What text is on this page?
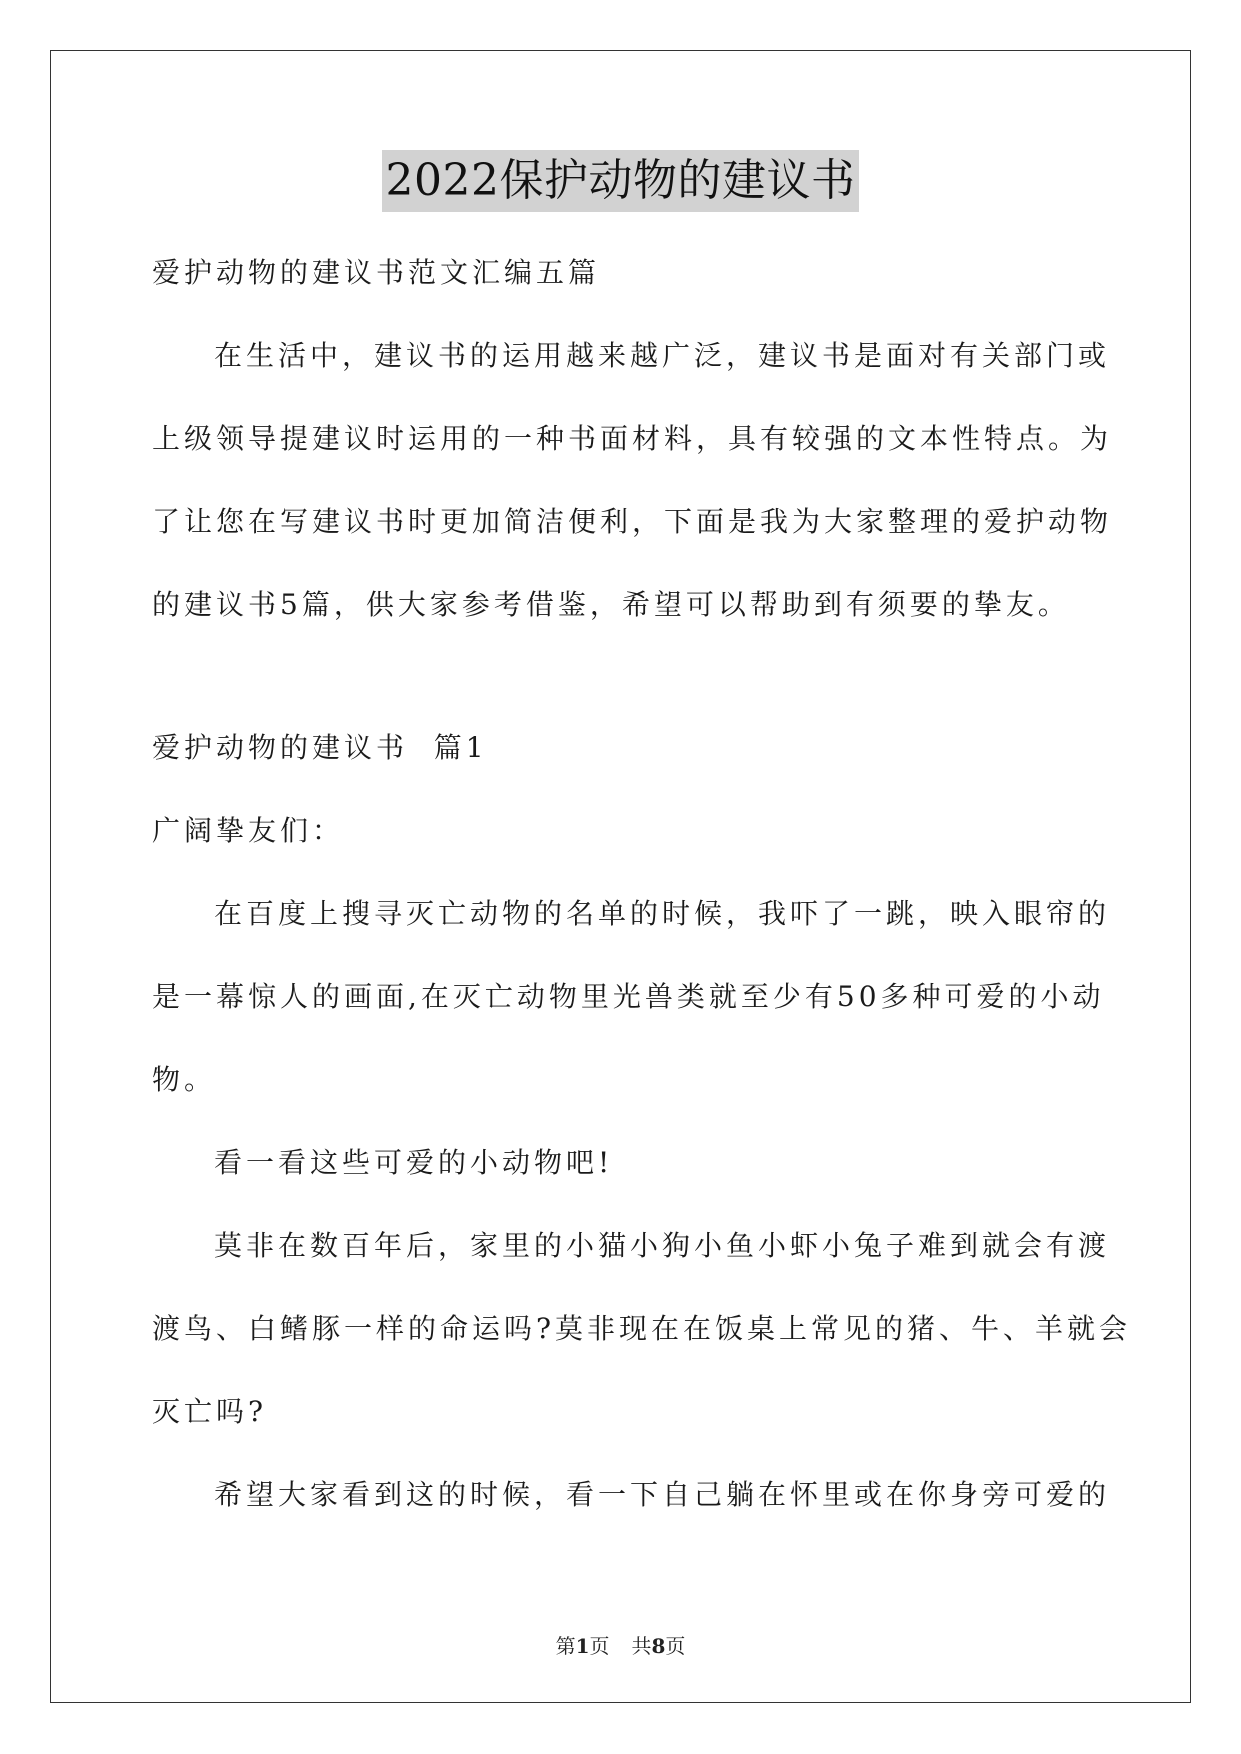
2022保护动物的建议书

爱护动物的建议书范文汇编五篇

在生活中，建议书的运用越来越广泛，建议书是面对有关部门或

上级领导提建议时运用的一种书面材料，具有较强的文本性特点。为

了让您在写建议书时更加简洁便利，下面是我为大家整理的爱护动物

的建议书5篇，供大家参考借鉴，希望可以帮助到有须要的挚友。

爱护动物的建议书  篇1

广阔挚友们：

在百度上搜寻灭亡动物的名单的时候，我吓了一跳，映入眼帘的

是一幕惊人的画面,在灭亡动物里光兽类就至少有50多种可爱的小动

物。

看一看这些可爱的小动物吧!

莫非在数百年后，家里的小猫小狗小鱼小虾小兔子难到就会有渡

渡鸟、白鳍豚一样的命运吗?莫非现在在饭桌上常见的猪、牛、羊就会

灭亡吗?

希望大家看到这的时候，看一下自己躺在怀里或在你身旁可爱的

第1页 共8页
